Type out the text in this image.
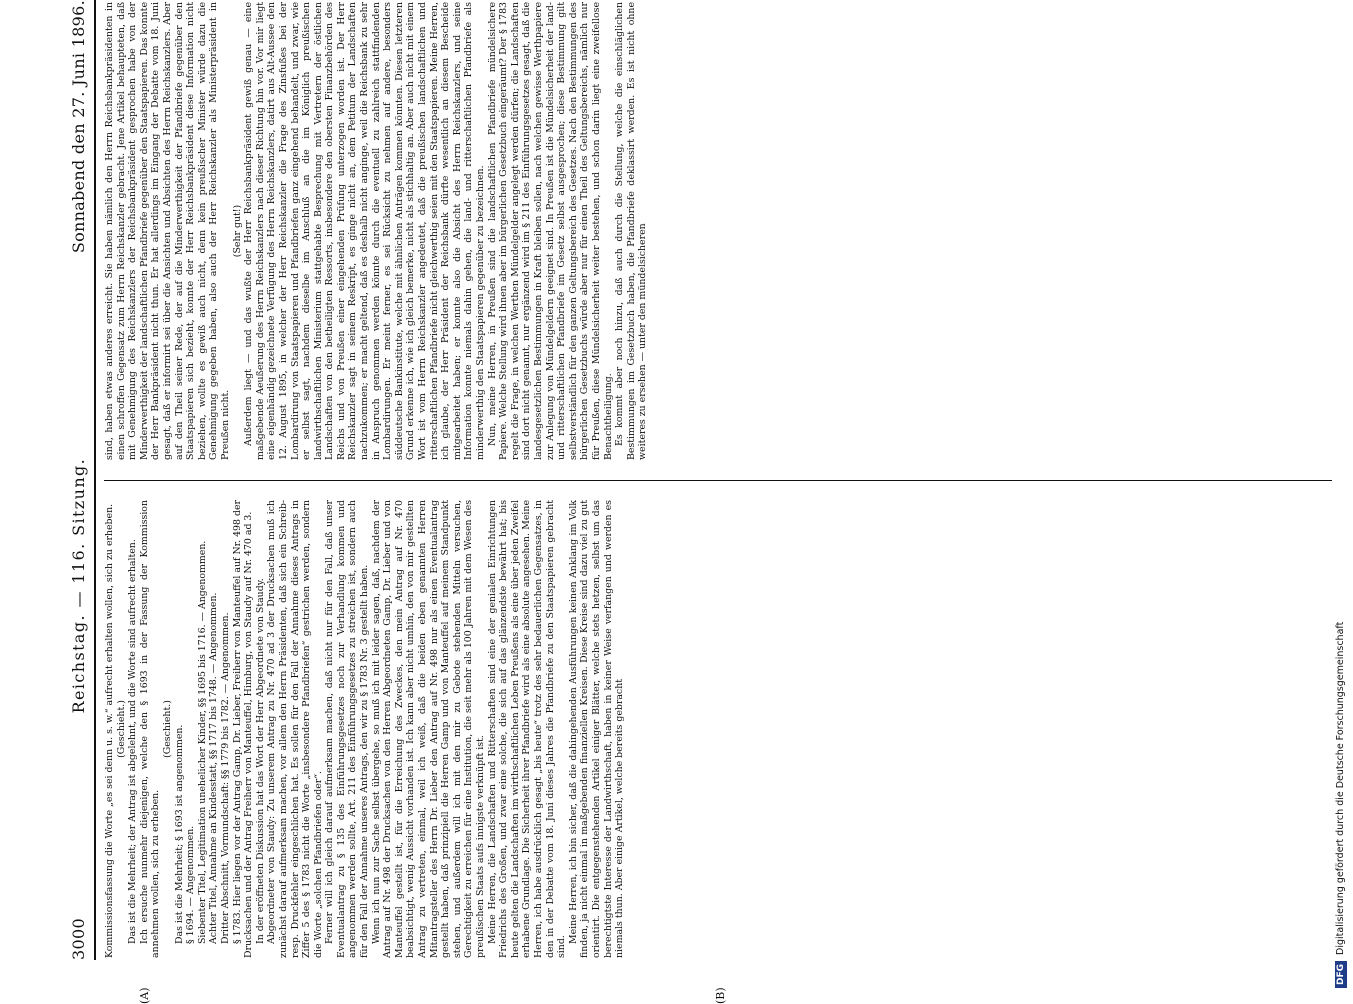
3000
Reichstag. — 116. Sitzung.
Sonnabend den 27. Juni 1896.
(A)	(B)

Kommissionsfassung die Worte „es sei denn u. s. w.“ aufrecht erhalten wollen, sich zu erheben. (Geschieht.) Das ist die Mehrheit; der Antrag ist abgelehnt, und die Worte sind aufrecht erhalten. Ich ersuche nunmehr diejenigen, welche den § 1693 in der Fassung der Kommission annehmen wollen, sich zu erheben.

(Geschieht.) Das ist die Mehrheit; § 1693 ist angenommen. § 1694. — Angenommen. Siebenter Titel, Legitimation unehelicher Kinder, §§ 1695 bis 1716. — Angenommen. Achter Titel, Annahme an Kindesstatt, §§ 1717 bis 1748. — Angenommen. Dritter Abschnitt, Vormundschaft: §§ 1779 bis 1782. — Angenommen. § 1783. Hier liegen vor der Antrag Gamp, Dr. Lieber, Freiherr von Manteuffel auf Nr. 498 der Drucksachen und der Antrag Freiherr von Manteuffel, Himburg, von Staudy auf Nr. 470 ad 3. In der eröffneten Diskussion hat das Wort der Herr Abgeordnete von Staudy. Abgeordneter von Staudy: Zu unserem Antrag zu Nr. 470 ad 3 der Drucksachen muß ich zunächst darauf aufmerksam machen, vor allem den Herrn Präsidenten, daß sich ein Schreib- resp. Druckfehler eingeschlichen hat. Es sollen für den Fall der Annahme dieses Antrags in Ziffer 5 des § 1783 nicht die Worte „insbesondere Pfandbriefen“ gestrichen werden, sondern die Worte „solchen Pfandbriefen oder“. Ferner will ich gleich darauf aufmerksam machen, daß nicht nur für den Fall, daß unser Eventualantrag zu § 135 des Einführungsgesetzes noch zur Verhandlung kommen und angenommen werden sollte, Art. 211 des Einführungsgesetzes zu streichen ist, sondern auch für den Fall der Annahme unseres Antrags, den wir zu § 1783 Nr. 3 gestellt haben. Wenn ich nun zur Sache selbst übergehe, so muß ich mit leider sagen, daß, nachdem der Antrag auf Nr. 498 der Drucksachen von den Herren Abgeordneten Gamp, Dr. Lieber und von Manteuffel gestellt ist, für die Erreichung des Zweckes, den mein Antrag auf Nr. 470 beabsichtigt, wenig Aussicht vorhanden ist. Ich kann aber nicht umhin, den von mir gestellten Antrag zu vertreten, einmal, weil ich weiß, daß die beiden eben genannten Herren Mitantragsteller des Herrn Dr. Lieber den Antrag auf Nr. 498 nur als einen Eventualantrag gestellt haben, daß prinzipiell die Herren Gamp und von Manteuffel auf meinem Standpunkt stehen, und außerdem will ich mit den mir zu Gebote stehenden Mitteln versuchen, Gerechtigkeit zu erreichen für eine Institution, die seit mehr als 100 Jahren mit dem Wesen des preußischen Staats aufs innigste verknüpft ist. Meine Herren, die Landschaften und Ritterschaften sind eine der genialen Einrichtungen Friedrichs des Großen, und zwar eine solche, die sich auf das glänzendste bewährt hat; bis heute gelten die Landschaften im wirthschaftlichen Leben Preußens als eine über jeden Zweifel erhabene Grundlage. Die Sicherheit ihrer Pfandbriefe wird als eine absolute angesehen. Meine Herren, ich habe ausdrücklich gesagt „bis heute“ trotz des sehr bedauerlichen Gegensatzes, in den in der Debatte vom 18. Juni dieses Jahres die Pfandbriefe zu den Staatspapieren gebracht sind.

Meine Herren, ich bin sicher, daß die dahingehenden Ausführungen keinen Anklang im Volk finden, ja nicht einmal in maßgebenden finanziellen Kreisen. Diese Kreise sind dazu viel zu gut orientirt. Die entgegenstehenden Artikel einiger Blätter, welche stets hetzen, selbst um das berechtigtste Interesse der Landwirthschaft, haben in keiner Weise verfangen und werden es niemals thun. Aber einige Artikel, welche bereits gebracht

sind, haben etwas anderes erreicht. Sie haben nämlich den Herrn Reichsbankpräsidenten in einen schroffen Gegensatz zum Herrn Reichskanzler gebracht. Jene Artikel behaupteten, daß mit Genehmigung des Reichskanzlers der Reichsbankpräsident gesprochen habe von der Minderwerthigkeit der landschaftlichen Pfandbriefe gegenüber den Staatspapieren. Das konnte der Herr Bankpräsident nicht thun. Er hat allerdings im Eingang der Debatte vom 18. Juni gesagt, daß er informirt sei über die Ansichten und Absichten des Herrn Reichskanzlers. Aber auf den Theil seiner Rede, der auf die Minderwerthigkeit der Pfandbriefe gegenüber den Staatspapieren sich bezieht, konnte der Herr Reichsbankpräsident diese Information nicht beziehen, wollte es gewiß auch nicht, denn kein preußischer Minister würde dazu die Genehmigung gegeben haben, also auch der Herr Reichskanzler als Ministerpräsident in Preußen nicht.

(Sehr gut!) Außerdem liegt — und das wußte der Herr Reichsbankpräsident gewiß genau — eine maßgebende Aeußerung des Herrn Reichskanzlers nach dieser Richtung hin vor. Vor mir liegt eine eigenhändig gezeichnete Verfügung des Herrn Reichskanzlers, datirt aus Alt-Aussee den 12. August 1895, in welcher der Herr Reichskanzler die Frage des Zinsfußes bei der Lombardirung von Staatspapieren und Pfandbriefen ganz eingehend behandelt, und zwar, wie er selbst sagt, nachdem dieselbe im Anschluß an die im Königlich preußischen landwirthschaftlichen Ministerium stattgehabte Besprechung mit Vertretern der östlichen Landschaften von den betheiligten Ressorts, insbesondere den obersten Finanzbehörden des Reichs und von Preußen einer eingehenden Prüfung unterzogen worden ist. Der Herr Reichskanzler sagt in seinem Reskript, es ginge nicht an, dem Petitum der Landschaften nachzukommen; er macht geltend, daß es deshalb nicht anginge, weil die Reichsbank zu sehr in Anspruch genommen werden könnte durch die eventuell zu zahlreich stattfindenden Lombardirungen. Er meint ferner, es sei Rücksicht zu nehmen auf andere, besonders süddeutsche Bankinstitute, welche mit ähnlichen Anträgen kommen könnten. Diesen letzteren Grund erkenne ich, wie ich gleich bemerke, nicht als stichhaltig an. Aber auch nicht mit einem Wort ist vom Herrn Reichskanzler angedeutet, daß die preußischen landschaftlichen und ritterschaftlichen Pfandbriefe nicht gleichwerthig seien mit den Staatspapieren. Meine Herren, ich glaube, der Herr Präsident der Reichsbank dürfte wesentlich an diesem Bescheide mitgearbeitet haben; er konnte also die Absicht des Herrn Reichskanzlers, und seine Information konnte niemals dahin gehen, die land- und ritterschaftlichen Pfandbriefe als minderwerthig den Staatspapieren gegenüber zu bezeichnen. Nun, meine Herren, in Preußen sind die landschaftlichen Pfandbriefe mündelsichere Papiere. Welche Stellung wird ihnen aber im bürgerlichen Gesetzbuch eingeräumt? Der § 1783 regelt die Frage, in welchen Werthen Mündelgelder angelegt werden dürfen; die Landschaften sind dort nicht genannt, nur ergänzend wird im § 211 des Einführungsgesetzes gesagt, daß die landesgesetzlichen Bestimmungen in Kraft bleiben sollen, nach welchen gewisse Werthpapiere zur Anlegung von Mündelgeldern geeignet sind. In Preußen ist die Mündelsicherheit der land- und ritterschaftlichen Pfandbriefe im Gesetz selbst ausgesprochen; diese Bestimmung gilt selbstverständlich für den ganzen Geltungsbereich des Gesetzes. Nach den Bestimmungen des bürgerlichen Gesetzbuchs würde aber nur für einen Theil des Geltungsbereichs, nämlich nur für Preußen, diese Mündelsicherheit weiter bestehen, und schon darin liegt eine zweifellose Benachtheiligung. Es kommt aber noch hinzu, daß auch durch die Stellung, welche die einschläglichen Bestimmungen im Gesetzbuch haben, die Pfandbriefe deklassirt werden. Es ist nicht ohne weiteres zu ersehen — unter den mündelsicheren

DFG
Digitalisierung gefördert durch die Deutsche Forschungsgemeinschaft
